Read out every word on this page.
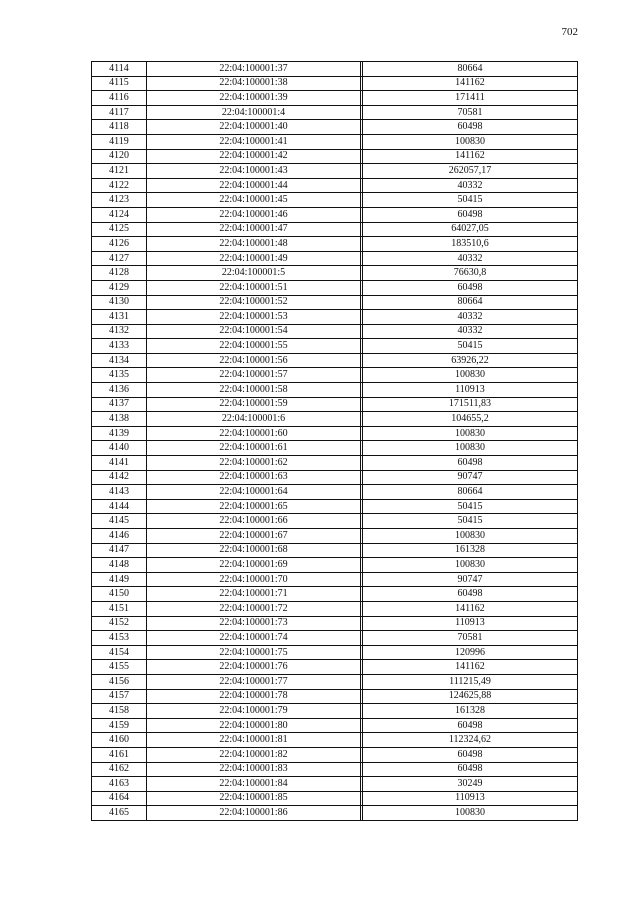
702
4114	22:04:100001:37		80664
4115	22:04:100001:38		141162
4116	22:04:100001:39		171411
4117	22:04:100001:4		70581
4118	22:04:100001:40		60498
4119	22:04:100001:41		100830
4120	22:04:100001:42		141162
4121	22:04:100001:43		262057,17
4122	22:04:100001:44		40332
4123	22:04:100001:45		50415
4124	22:04:100001:46		60498
4125	22:04:100001:47		64027,05
4126	22:04:100001:48		183510,6
4127	22:04:100001:49		40332
4128	22:04:100001:5		76630,8
4129	22:04:100001:51		60498
4130	22:04:100001:52		80664
4131	22:04:100001:53		40332
4132	22:04:100001:54		40332
4133	22:04:100001:55		50415
4134	22:04:100001:56		63926,22
4135	22:04:100001:57		100830
4136	22:04:100001:58		110913
4137	22:04:100001:59		171511,83
4138	22:04:100001:6		104655,2
4139	22:04:100001:60		100830
4140	22:04:100001:61		100830
4141	22:04:100001:62		60498
4142	22:04:100001:63		90747
4143	22:04:100001:64		80664
4144	22:04:100001:65		50415
4145	22:04:100001:66		50415
4146	22:04:100001:67		100830
4147	22:04:100001:68		161328
4148	22:04:100001:69		100830
4149	22:04:100001:70		90747
4150	22:04:100001:71		60498
4151	22:04:100001:72		141162
4152	22:04:100001:73		110913
4153	22:04:100001:74		70581
4154	22:04:100001:75		120996
4155	22:04:100001:76		141162
4156	22:04:100001:77		111215,49
4157	22:04:100001:78		124625,88
4158	22:04:100001:79		161328
4159	22:04:100001:80		60498
4160	22:04:100001:81		112324,62
4161	22:04:100001:82		60498
4162	22:04:100001:83		60498
4163	22:04:100001:84		30249
4164	22:04:100001:85		110913
4165	22:04:100001:86		100830
